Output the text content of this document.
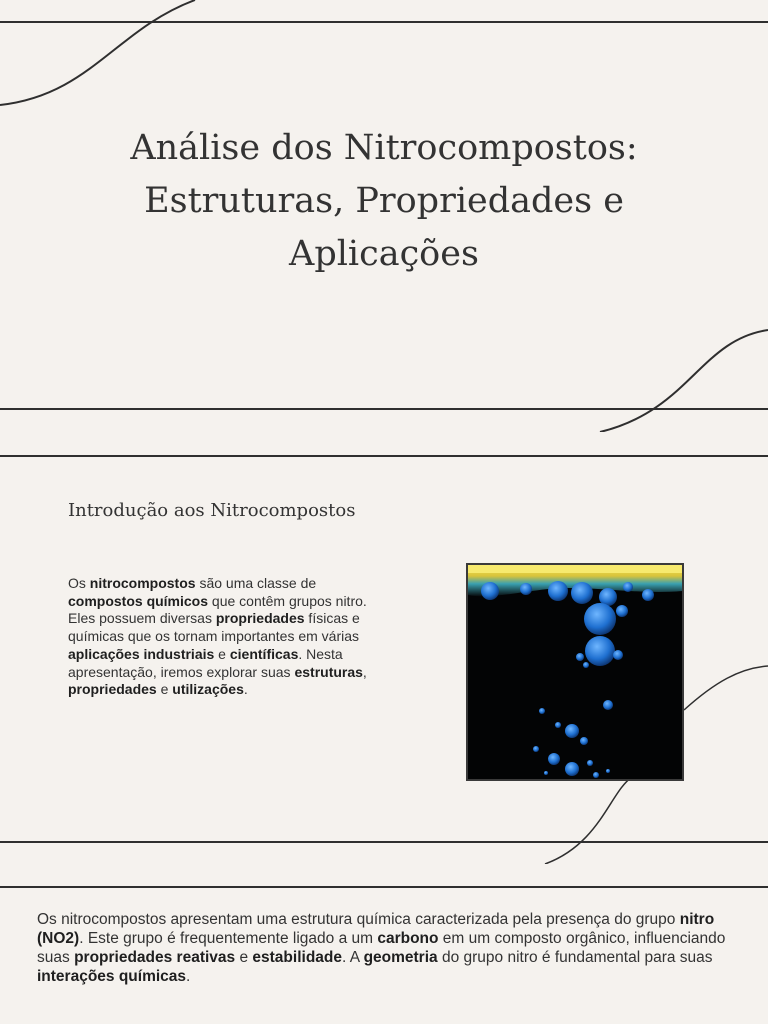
Análise dos Nitrocompostos:
Estruturas, Propriedades e
Aplicações
Introdução aos Nitrocompostos

Os nitrocompostos são uma classe de compostos químicos que contêm grupos nitro. Eles possuem diversas propriedades físicas e químicas que os tornam importantes em várias aplicações industriais e científicas. Nesta apresentação, iremos explorar suas estruturas, propriedades e utilizações.

Os nitrocompostos apresentam uma estrutura química caracterizada pela presença do grupo nitro (NO2). Este grupo é frequentemente ligado a um carbono em um composto orgânico, influenciando suas propriedades reativas e estabilidade. A geometria do grupo nitro é fundamental para suas interações químicas.
